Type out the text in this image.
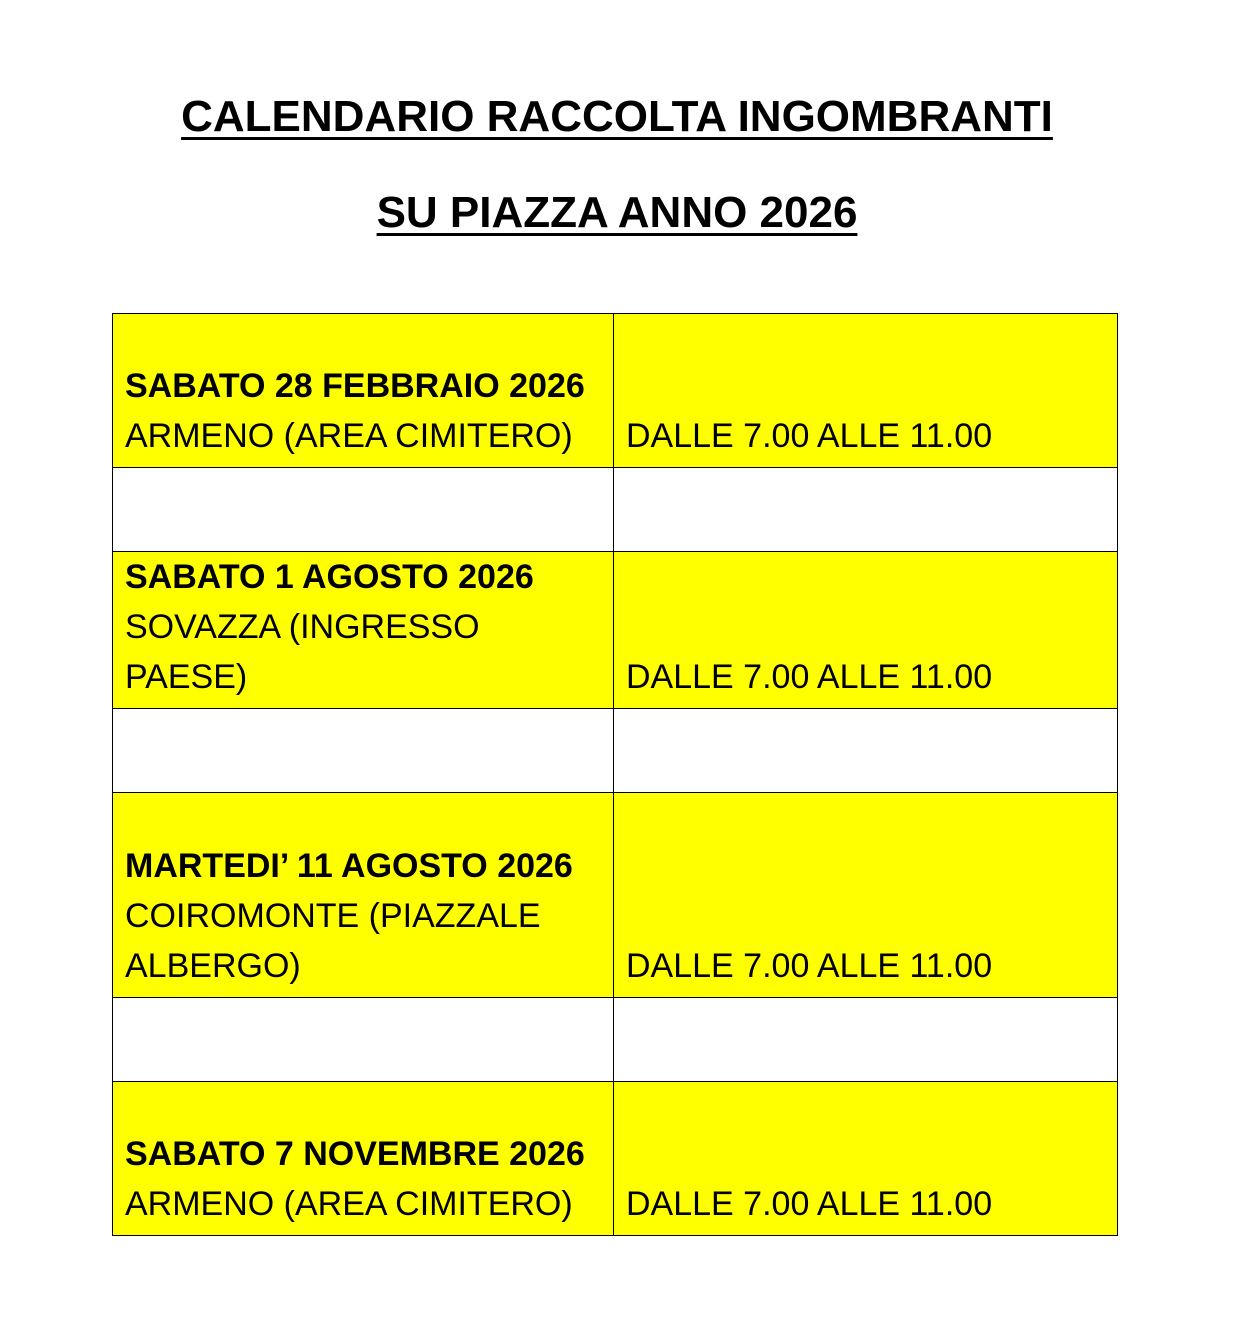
CALENDARIO RACCOLTA INGOMBRANTI
SU PIAZZA ANNO 2026
SABATO 28 FEBBRAIO 2026
ARMENO (AREA CIMITERO)	DALLE 7.00 ALLE 11.00

SABATO 1 AGOSTO 2026
SOVAZZA (INGRESSO PAESE)	DALLE 7.00 ALLE 11.00

MARTEDI’ 11 AGOSTO 2026
COIROMONTE (PIAZZALE ALBERGO)	DALLE 7.00 ALLE 11.00

SABATO 7 NOVEMBRE 2026
ARMENO (AREA CIMITERO)	DALLE 7.00 ALLE 11.00
